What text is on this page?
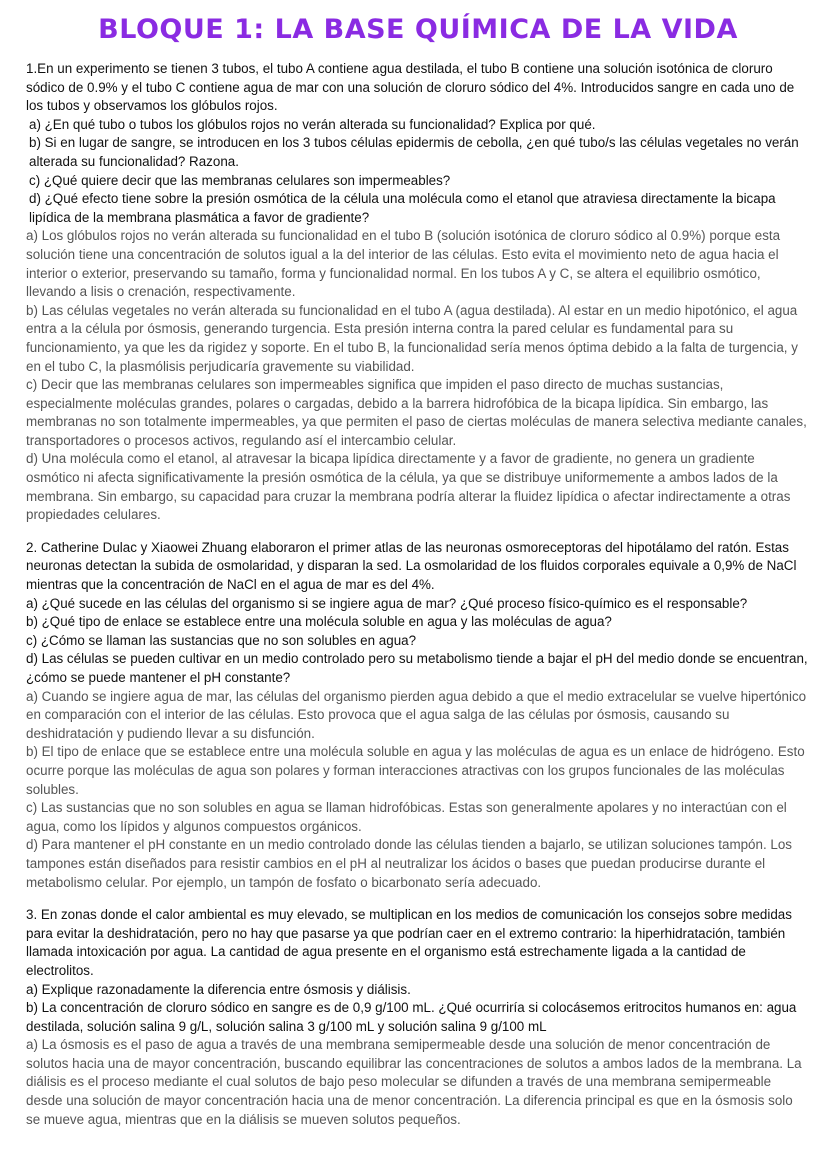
BLOQUE 1: LA BASE QUÍMICA DE LA VIDA

1.En un experimento se tienen 3 tubos, el tubo A contiene agua destilada, el tubo B contiene una solución isotónica de cloruro sódico de 0.9% y el tubo C contiene agua de mar con una solución de cloruro sódico del 4%. Introducidos sangre en cada uno de los tubos y observamos los glóbulos rojos.

a) ¿En qué tubo o tubos los glóbulos rojos no verán alterada su funcionalidad? Explica por qué.

b) Si en lugar de sangre, se introducen en los 3 tubos células epidermis de cebolla, ¿en qué tubo/s las células vegetales no verán alterada su funcionalidad? Razona.

c) ¿Qué quiere decir que las membranas celulares son impermeables?

d) ¿Qué efecto tiene sobre la presión osmótica de la célula una molécula como el etanol que atraviesa directamente la bicapa lipídica de la membrana plasmática a favor de gradiente?

a) Los glóbulos rojos no verán alterada su funcionalidad en el tubo B (solución isotónica de cloruro sódico al 0.9%) porque esta solución tiene una concentración de solutos igual a la del interior de las células. Esto evita el movimiento neto de agua hacia el interior o exterior, preservando su tamaño, forma y funcionalidad normal. En los tubos A y C, se altera el equilibrio osmótico, llevando a lisis o crenación, respectivamente.

b) Las células vegetales no verán alterada su funcionalidad en el tubo A (agua destilada). Al estar en un medio hipotónico, el agua entra a la célula por ósmosis, generando turgencia. Esta presión interna contra la pared celular es fundamental para su funcionamiento, ya que les da rigidez y soporte. En el tubo B, la funcionalidad sería menos óptima debido a la falta de turgencia, y en el tubo C, la plasmólisis perjudicaría gravemente su viabilidad.

c) Decir que las membranas celulares son impermeables significa que impiden el paso directo de muchas sustancias, especialmente moléculas grandes, polares o cargadas, debido a la barrera hidrofóbica de la bicapa lipídica. Sin embargo, las membranas no son totalmente impermeables, ya que permiten el paso de ciertas moléculas de manera selectiva mediante canales, transportadores o procesos activos, regulando así el intercambio celular.

d) Una molécula como el etanol, al atravesar la bicapa lipídica directamente y a favor de gradiente, no genera un gradiente osmótico ni afecta significativamente la presión osmótica de la célula, ya que se distribuye uniformemente a ambos lados de la membrana. Sin embargo, su capacidad para cruzar la membrana podría alterar la fluidez lipídica o afectar indirectamente a otras propiedades celulares.

2. Catherine Dulac y Xiaowei Zhuang elaboraron el primer atlas de las neuronas osmoreceptoras del hipotálamo del ratón. Estas neuronas detectan la subida de osmolaridad, y disparan la sed. La osmolaridad de los fluidos corporales equivale a 0,9% de NaCl mientras que la concentración de NaCl en el agua de mar es del 4%.

a) ¿Qué sucede en las células del organismo si se ingiere agua de mar? ¿Qué proceso físico-químico es el responsable?

b) ¿Qué tipo de enlace se establece entre una molécula soluble en agua y las moléculas de agua?

c) ¿Cómo se llaman las sustancias que no son solubles en agua?

d) Las células se pueden cultivar en un medio controlado pero su metabolismo tiende a bajar el pH del medio donde se encuentran, ¿cómo se puede mantener el pH constante?

a) Cuando se ingiere agua de mar, las células del organismo pierden agua debido a que el medio extracelular se vuelve hipertónico en comparación con el interior de las células. Esto provoca que el agua salga de las células por ósmosis, causando su deshidratación y pudiendo llevar a su disfunción.

b) El tipo de enlace que se establece entre una molécula soluble en agua y las moléculas de agua es un enlace de hidrógeno. Esto ocurre porque las moléculas de agua son polares y forman interacciones atractivas con los grupos funcionales de las moléculas solubles.

c) Las sustancias que no son solubles en agua se llaman hidrofóbicas. Estas son generalmente apolares y no interactúan con el agua, como los lípidos y algunos compuestos orgánicos.

d) Para mantener el pH constante en un medio controlado donde las células tienden a bajarlo, se utilizan soluciones tampón. Los tampones están diseñados para resistir cambios en el pH al neutralizar los ácidos o bases que puedan producirse durante el metabolismo celular. Por ejemplo, un tampón de fosfato o bicarbonato sería adecuado.

3. En zonas donde el calor ambiental es muy elevado, se multiplican en los medios de comunicación los consejos sobre medidas para evitar la deshidratación, pero no hay que pasarse ya que podrían caer en el extremo contrario: la hiperhidratación, también llamada intoxicación por agua. La cantidad de agua presente en el organismo está estrechamente ligada a la cantidad de electrolitos.

a) Explique razonadamente la diferencia entre ósmosis y diálisis.

b) La concentración de cloruro sódico en sangre es de 0,9 g/100 mL. ¿Qué ocurriría si colocásemos eritrocitos humanos en: agua destilada, solución salina 9 g/L, solución salina 3 g/100 mL y solución salina 9 g/100 mL

a) La ósmosis es el paso de agua a través de una membrana semipermeable desde una solución de menor concentración de solutos hacia una de mayor concentración, buscando equilibrar las concentraciones de solutos a ambos lados de la membrana. La diálisis es el proceso mediante el cual solutos de bajo peso molecular se difunden a través de una membrana semipermeable desde una solución de mayor concentración hacia una de menor concentración. La diferencia principal es que en la ósmosis solo se mueve agua, mientras que en la diálisis se mueven solutos pequeños.
